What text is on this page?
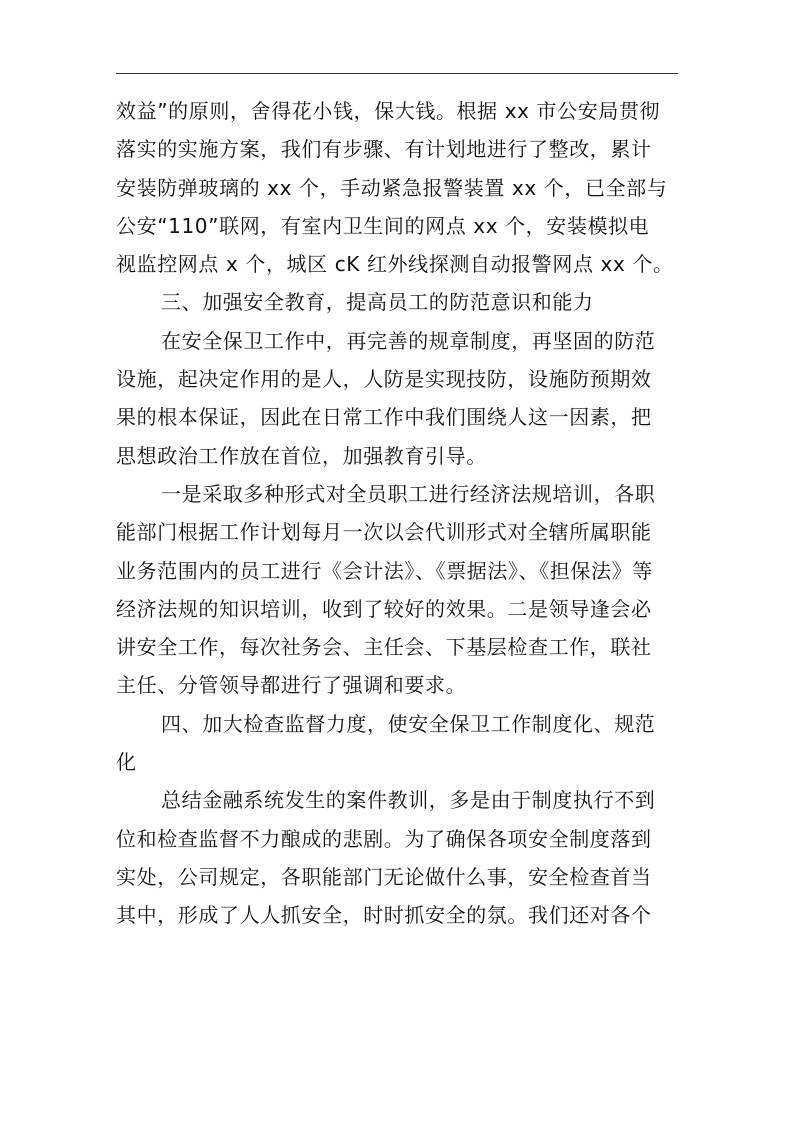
效益”的原则，舍得花小钱，保大钱。根据 xx 市公安局贯彻
落实的实施方案，我们有步骤、有计划地进行了整改，累计
安装防弹玻璃的 xx 个，手动紧急报警装置 xx 个，已全部与
公安“110”联网，有室内卫生间的网点 xx 个，安装模拟电
视监控网点 x 个，城区 cK 红外线探测自动报警网点 xx 个。
三、加强安全教育，提高员工的防范意识和能力
在安全保卫工作中，再完善的规章制度，再坚固的防范
设施，起决定作用的是人，人防是实现技防，设施防预期效
果的根本保证，因此在日常工作中我们围绕人这一因素，把
思想政治工作放在首位，加强教育引导。
一是采取多种形式对全员职工进行经济法规培训，各职
能部门根据工作计划每月一次以会代训形式对全辖所属职能
业务范围内的员工进行《会计法》、《票据法》、《担保法》等
经济法规的知识培训，收到了较好的效果。二是领导逢会必
讲安全工作，每次社务会、主任会、下基层检查工作，联社
主任、分管领导都进行了强调和要求。
四、加大检查监督力度，使安全保卫工作制度化、规范
化
总结金融系统发生的案件教训，多是由于制度执行不到
位和检查监督不力酿成的悲剧。为了确保各项安全制度落到
实处，公司规定，各职能部门无论做什么事，安全检查首当
其中，形成了人人抓安全，时时抓安全的氛。我们还对各个
